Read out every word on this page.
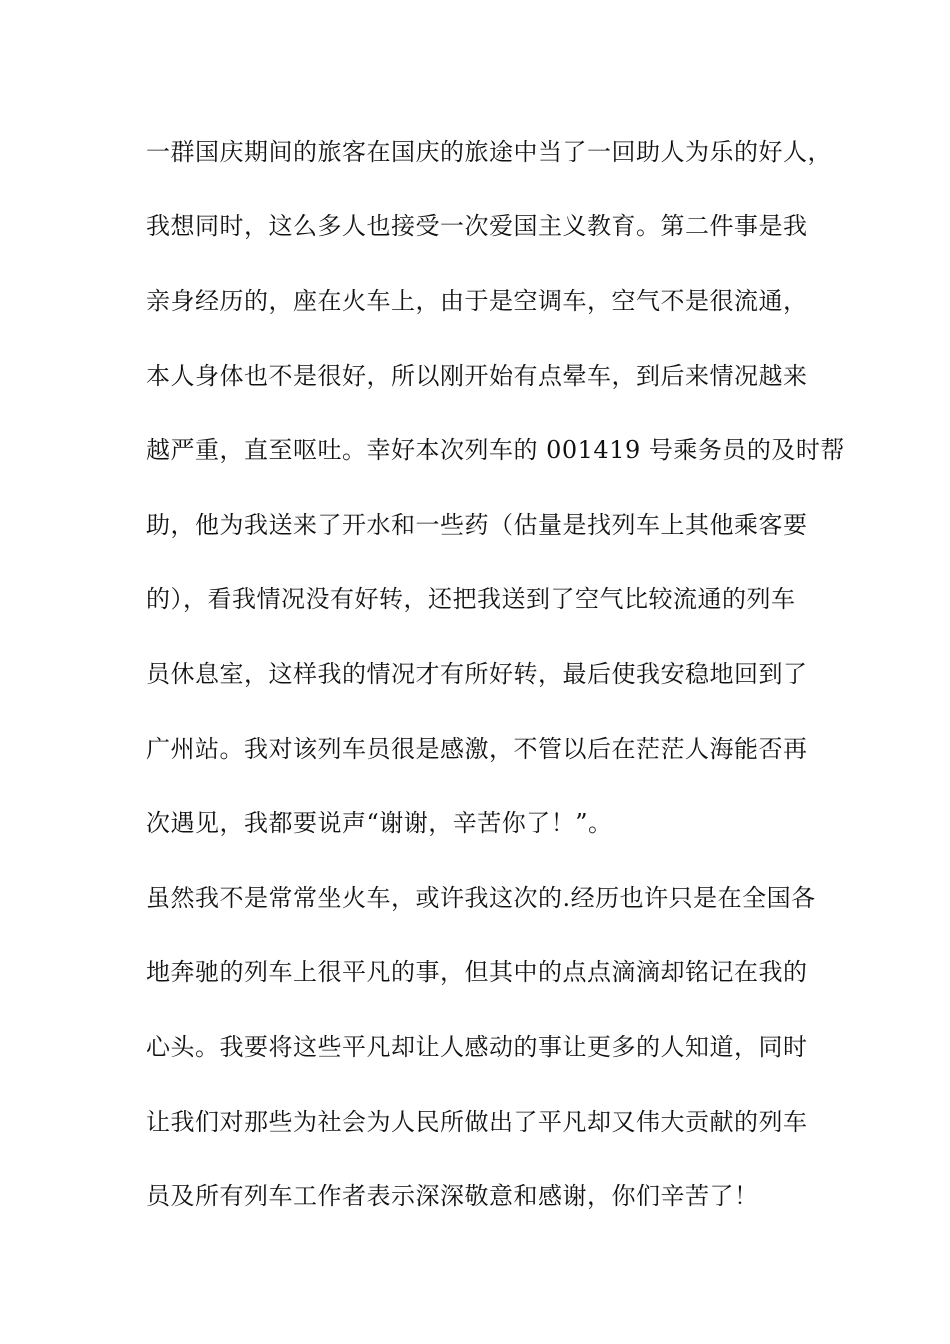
一群国庆期间的旅客在国庆的旅途中当了一回助人为乐的好人，

我想同时，这么多人也接受一次爱国主义教育。第二件事是我

亲身经历的，座在火车上，由于是空调车，空气不是很流通，

本人身体也不是很好，所以刚开始有点晕车，到后来情况越来

越严重，直至呕吐。幸好本次列车的 001419 号乘务员的及时帮

助，他为我送来了开水和一些药（估量是找列车上其他乘客要

的），看我情况没有好转，还把我送到了空气比较流通的列车

员休息室，这样我的情况才有所好转，最后使我安稳地回到了

广州站。我对该列车员很是感激，不管以后在茫茫人海能否再

次遇见，我都要说声“谢谢，辛苦你了！”。

虽然我不是常常坐火车，或许我这次的.经历也许只是在全国各

地奔驰的列车上很平凡的事，但其中的点点滴滴却铭记在我的

心头。我要将这些平凡却让人感动的事让更多的人知道，同时

让我们对那些为社会为人民所做出了平凡却又伟大贡献的列车

员及所有列车工作者表示深深敬意和感谢，你们辛苦了！
